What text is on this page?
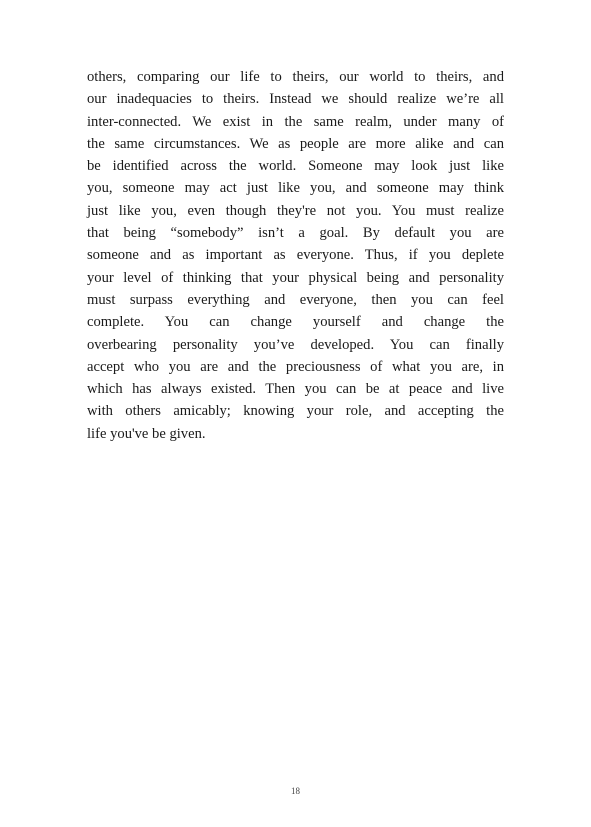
others, comparing our life to theirs, our world to theirs, and
our inadequacies to theirs. Instead we should realize we’re all
inter-connected. We exist in the same realm, under many of
the same circumstances. We as people are more alike and can
be identified across the world. Someone may look just like
you, someone may act just like you, and someone may think
just like you, even though they're not you. You must realize
that being “somebody” isn’t a goal. By default you are
someone and as important as everyone. Thus, if you deplete
your level of thinking that your physical being and personality
must surpass everything and everyone, then you can feel
complete. You can change yourself and change the
overbearing personality you’ve developed. You can finally
accept who you are and the preciousness of what you are, in
which has always existed. Then you can be at peace and live
with others amicably; knowing your role, and accepting the
life you've be given.
18
